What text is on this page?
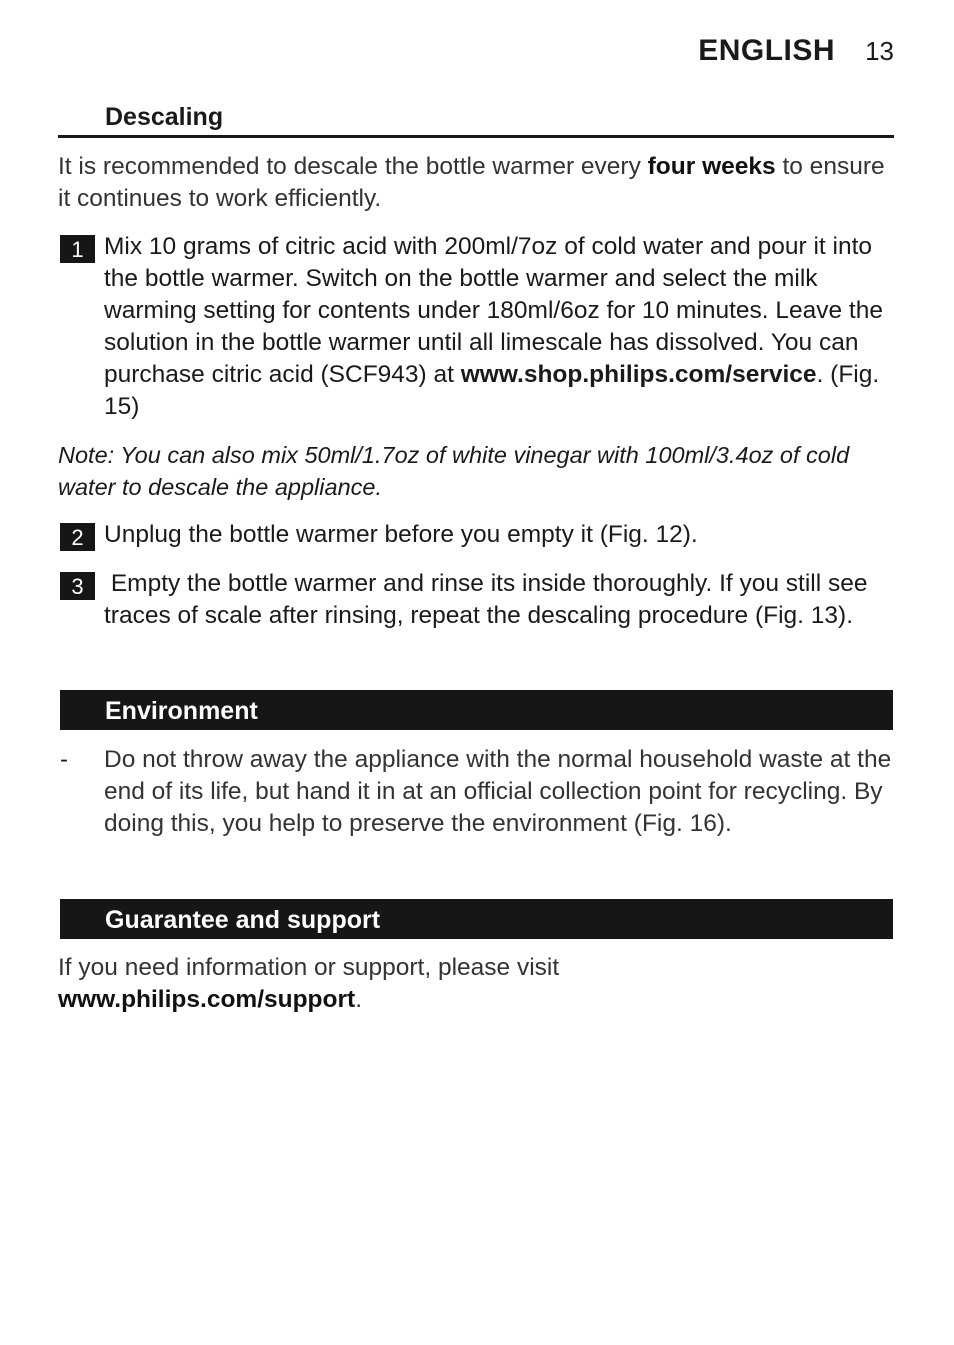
ENGLISH 13
Descaling

It is recommended to descale the bottle warmer every four weeks to ensure it continues to work efficiently.

1 Mix 10 grams of citric acid with 200ml/7oz of cold water and pour it into the bottle warmer. Switch on the bottle warmer and select the milk warming setting for contents under 180ml/6oz for 10 minutes. Leave the solution in the bottle warmer until all limescale has dissolved. You can purchase citric acid (SCF943) at www.shop.philips.com/service. (Fig. 15)

Note: You can also mix 50ml/1.7oz of white vinegar with 100ml/3.4oz of cold water to descale the appliance.

2 Unplug the bottle warmer before you empty it (Fig. 12).

3 Empty the bottle warmer and rinse its inside thoroughly. If you still see traces of scale after rinsing, repeat the descaling procedure (Fig. 13).

Environment
- Do not throw away the appliance with the normal household waste at the end of its life, but hand it in at an official collection point for recycling. By doing this, you help to preserve the environment (Fig. 16).

Guarantee and support

If you need information or support, please visit www.philips.com/support.
